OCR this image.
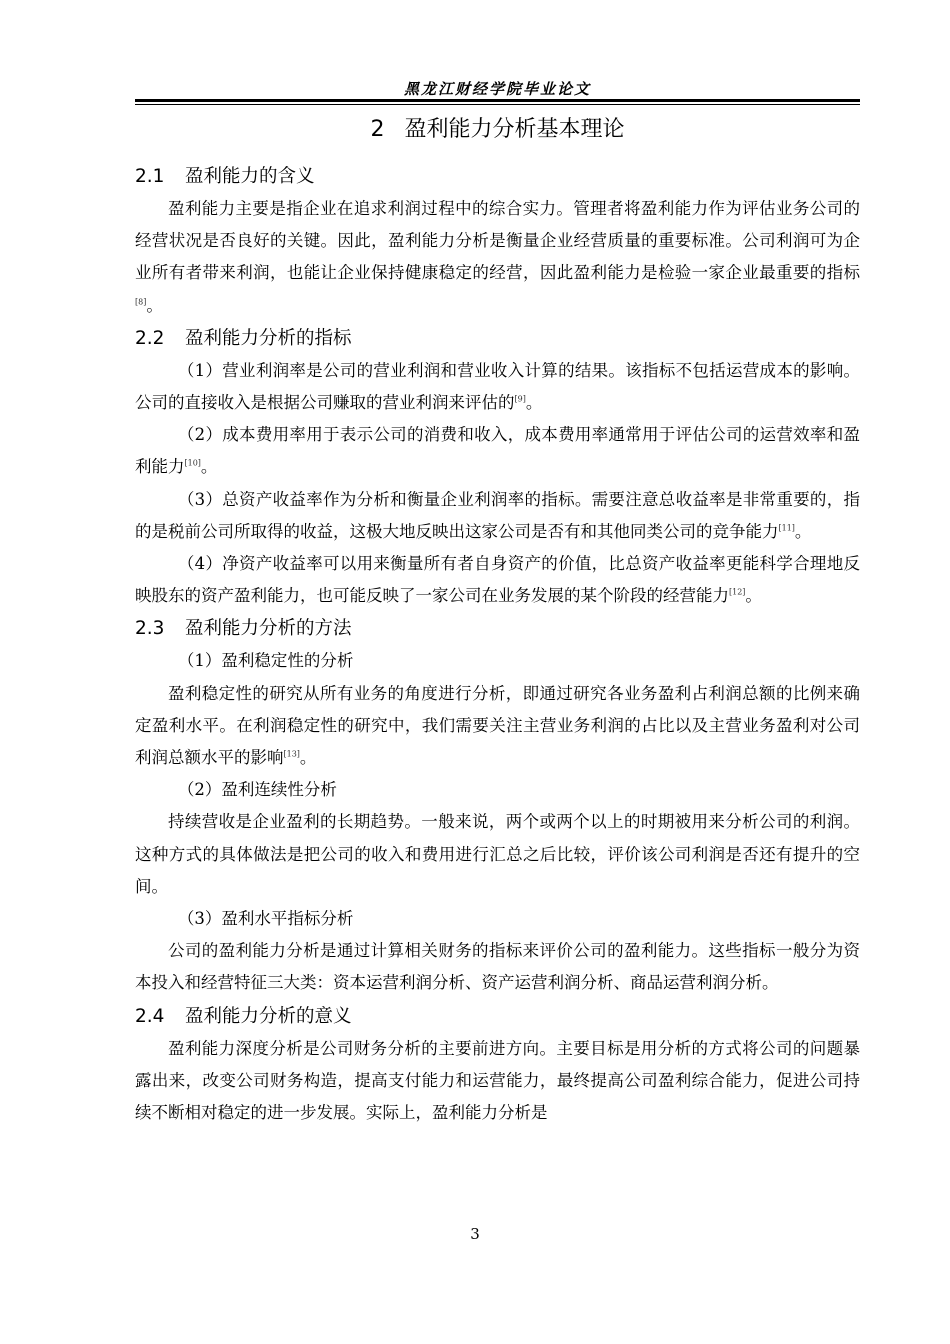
黑龙江财经学院毕业论文
2 盈利能力分析基本理论
2.1 盈利能力的含义

盈利能力主要是指企业在追求利润过程中的综合实力。管理者将盈利能力作为评估业务公司的经营状况是否良好的关键。因此，盈利能力分析是衡量企业经营质量的重要标准。公司利润可为企业所有者带来利润，也能让企业保持健康稳定的经营，因此盈利能力是检验一家企业最重要的指标[8]。

2.2 盈利能力分析的指标

（1）营业利润率是公司的营业利润和营业收入计算的结果。该指标不包括运营成本的影响。公司的直接收入是根据公司赚取的营业利润来评估的[9]。

（2）成本费用率用于表示公司的消费和收入，成本费用率通常用于评估公司的运营效率和盈利能力[10]。

（3）总资产收益率作为分析和衡量企业利润率的指标。需要注意总收益率是非常重要的，指的是税前公司所取得的收益，这极大地反映出这家公司是否有和其他同类公司的竞争能力[11]。

（4）净资产收益率可以用来衡量所有者自身资产的价值，比总资产收益率更能科学合理地反映股东的资产盈利能力，也可能反映了一家公司在业务发展的某个阶段的经营能力[12]。

2.3 盈利能力分析的方法

（1）盈利稳定性的分析

盈利稳定性的研究从所有业务的角度进行分析，即通过研究各业务盈利占利润总额的比例来确定盈利水平。在利润稳定性的研究中，我们需要关注主营业务利润的占比以及主营业务盈利对公司利润总额水平的影响[13]。

（2）盈利连续性分析

持续营收是企业盈利的长期趋势。一般来说，两个或两个以上的时期被用来分析公司的利润。这种方式的具体做法是把公司的收入和费用进行汇总之后比较，评价该公司利润是否还有提升的空间。

（3）盈利水平指标分析

公司的盈利能力分析是通过计算相关财务的指标来评价公司的盈利能力。这些指标一般分为资本投入和经营特征三大类：资本运营利润分析、资产运营利润分析、商品运营利润分析。

2.4 盈利能力分析的意义

盈利能力深度分析是公司财务分析的主要前进方向。主要目标是用分析的方式将公司的问题暴露出来，改变公司财务构造，提高支付能力和运营能力，最终提高公司盈利综合能力，促进公司持续不断相对稳定的进一步发展。实际上，盈利能力分析是

3
